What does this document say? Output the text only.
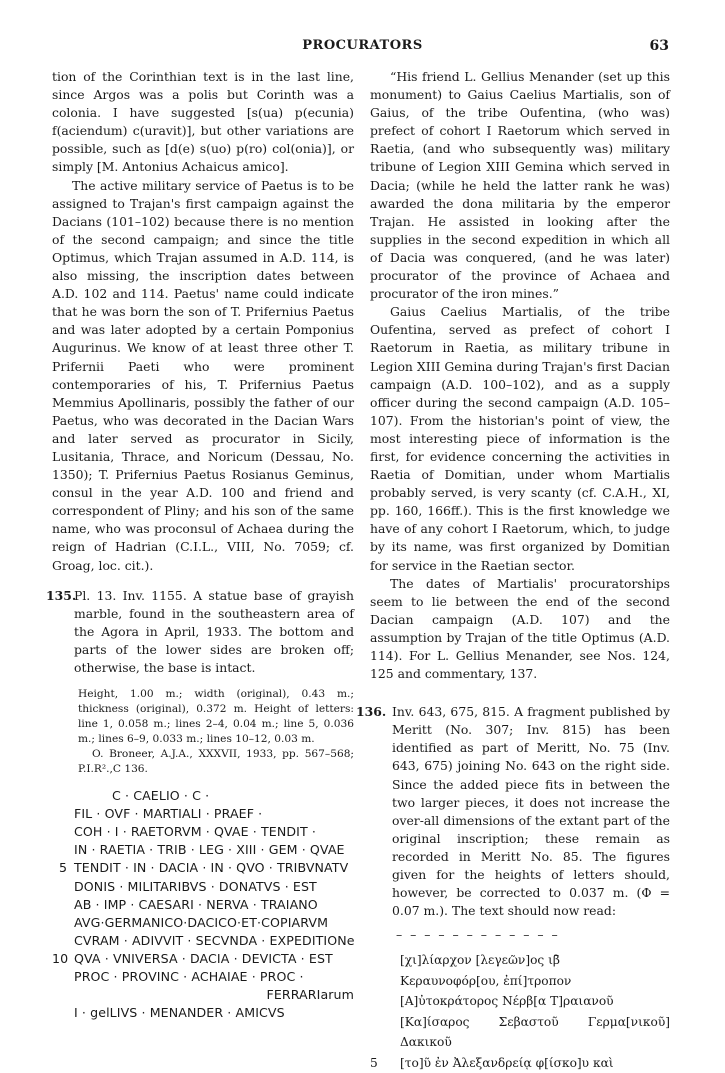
PROCURATORS	63

tion of the Corinthian text is in the last line, since Argos was a polis but Corinth was a colonia. I have suggested [s(ua) p(ecunia) f(aciendum) c(uravit)], but other variations are possible, such as [d(e) s(uo) p(ro) col(onia)], or simply [M. Antonius Achaicus amico].

The active military service of Paetus is to be assigned to Trajan's first campaign against the Dacians (101–102) because there is no mention of the second campaign; and since the title Optimus, which Trajan assumed in A.D. 114, is also missing, the inscription dates between A.D. 102 and 114. Paetus' name could indicate that he was born the son of T. Prifernius Paetus and was later adopted by a certain Pomponius Augurinus. We know of at least three other T. Prifernii Paeti who were prominent contemporaries of his, T. Prifernius Paetus Memmius Apollinaris, possibly the father of our Paetus, who was decorated in the Dacian Wars and later served as procurator in Sicily, Lusitania, Thrace, and Noricum (Dessau, No. 1350); T. Prifernius Paetus Rosianus Geminus, consul in the year A.D. 100 and friend and correspondent of Pliny; and his son of the same name, who was proconsul of Achaea during the reign of Hadrian (C.I.L., VIII, No. 7059; cf. Groag, loc. cit.).

135.

Pl. 13. Inv. 1155. A statue base of grayish marble, found in the southeastern area of the Agora in April, 1933. The bottom and parts of the lower sides are broken off; otherwise, the base is intact.

Height, 1.00 m.; width (original), 0.43 m.; thickness (original), 0.372 m. Height of letters: line 1, 0.058 m.; lines 2–4, 0.04 m.; line 5, 0.036 m.; lines 6–9, 0.033 m.; lines 10–12, 0.03 m.

O. Broneer, A.J.A., XXXVII, 1933, pp. 567–568; P.I.R².,C 136.

C · CAELIO · C ·
FIL · OVF · MARTIALI · PRAEF ·
COH · I · RAETORVM · QVAE · TENDIT ·
IN · RAETIA · TRIB · LEG · XIII · GEM · QVAE
5 TENDIT · IN · DACIA · IN · QVO · TRIBVNATV
DONIS · MILITARIBVS · DONATVS · EST
AB · IMP · CAESARI · NERVA · TRAIANO
AVG·GERMANICO·DACICO·ET·COPIARVM
CVRAM · ADIVVIT · SECVNDA · EXPEDITIONe
10 QVA · VNIVERSA · DACIA · DEVICTA · EST
PROC · PROVINC · ACHAIAE · PROC ·
FERRARIarum
I · gelLIVS · MENANDER · AMICVS

“His friend L. Gellius Menander (set up this monument) to Gaius Caelius Martialis, son of Gaius, of the tribe Oufentina, (who was) prefect of cohort I Raetorum which served in Raetia, (and who subsequently was) military tribune of Legion XIII Gemina which served in Dacia; (while he held the latter rank he was) awarded the dona militaria by the emperor Trajan. He assisted in looking after the supplies in the second expedition in which all of Dacia was conquered, (and he was later) procurator of the province of Achaea and procurator of the iron mines.”

Gaius Caelius Martialis, of the tribe Oufentina, served as prefect of cohort I Raetorum in Raetia, as military tribune in Legion XIII Gemina during Trajan's first Dacian campaign (A.D. 100–102), and as a supply officer during the second campaign (A.D. 105–107). From the historian's point of view, the most interesting piece of information is the first, for evidence concerning the activities in Raetia of Domitian, under whom Martialis probably served, is very scanty (cf. C.A.H., XI, pp. 160, 166ff.). This is the first knowledge we have of any cohort I Raetorum, which, to judge by its name, was first organized by Domitian for service in the Raetian sector.

The dates of Martialis' procuratorships seem to lie between the end of the second Dacian campaign (A.D. 107) and the assumption by Trajan of the title Optimus (A.D. 114). For L. Gellius Menander, see Nos. 124, 125 and commentary, 137.

136. Inv. 643, 675, 815. A fragment published by Meritt (No. 307; Inv. 815) has been identified as part of Meritt, No. 75 (Inv. 643, 675) joining No. 643 on the right side. Since the added piece fits in between the two larger pieces, it does not increase the over-all dimensions of the extant part of the original inscription; these remain as recorded in Meritt No. 85. The figures given for the heights of letters should, however, be corrected to 0.037 m. (Φ = 0.07 m.). The text should now read:

– – – – – – – – – – – –
[χι]λίαρχον [λεγεῶν]ος ιβ̄
Κεραυνοφόρ[ου, ἐπί]τροπον
[Α]ὐτοκράτορος Νέρβ[α Τ]ραιανοῦ
[Κα]ίσαρος Σεβαστοῦ Γερμα[νικοῦ] Δακικοῦ
5 [το]ῦ ἐν Ἀλεξανδρείᾳ φ[ίσκο]υ καὶ
